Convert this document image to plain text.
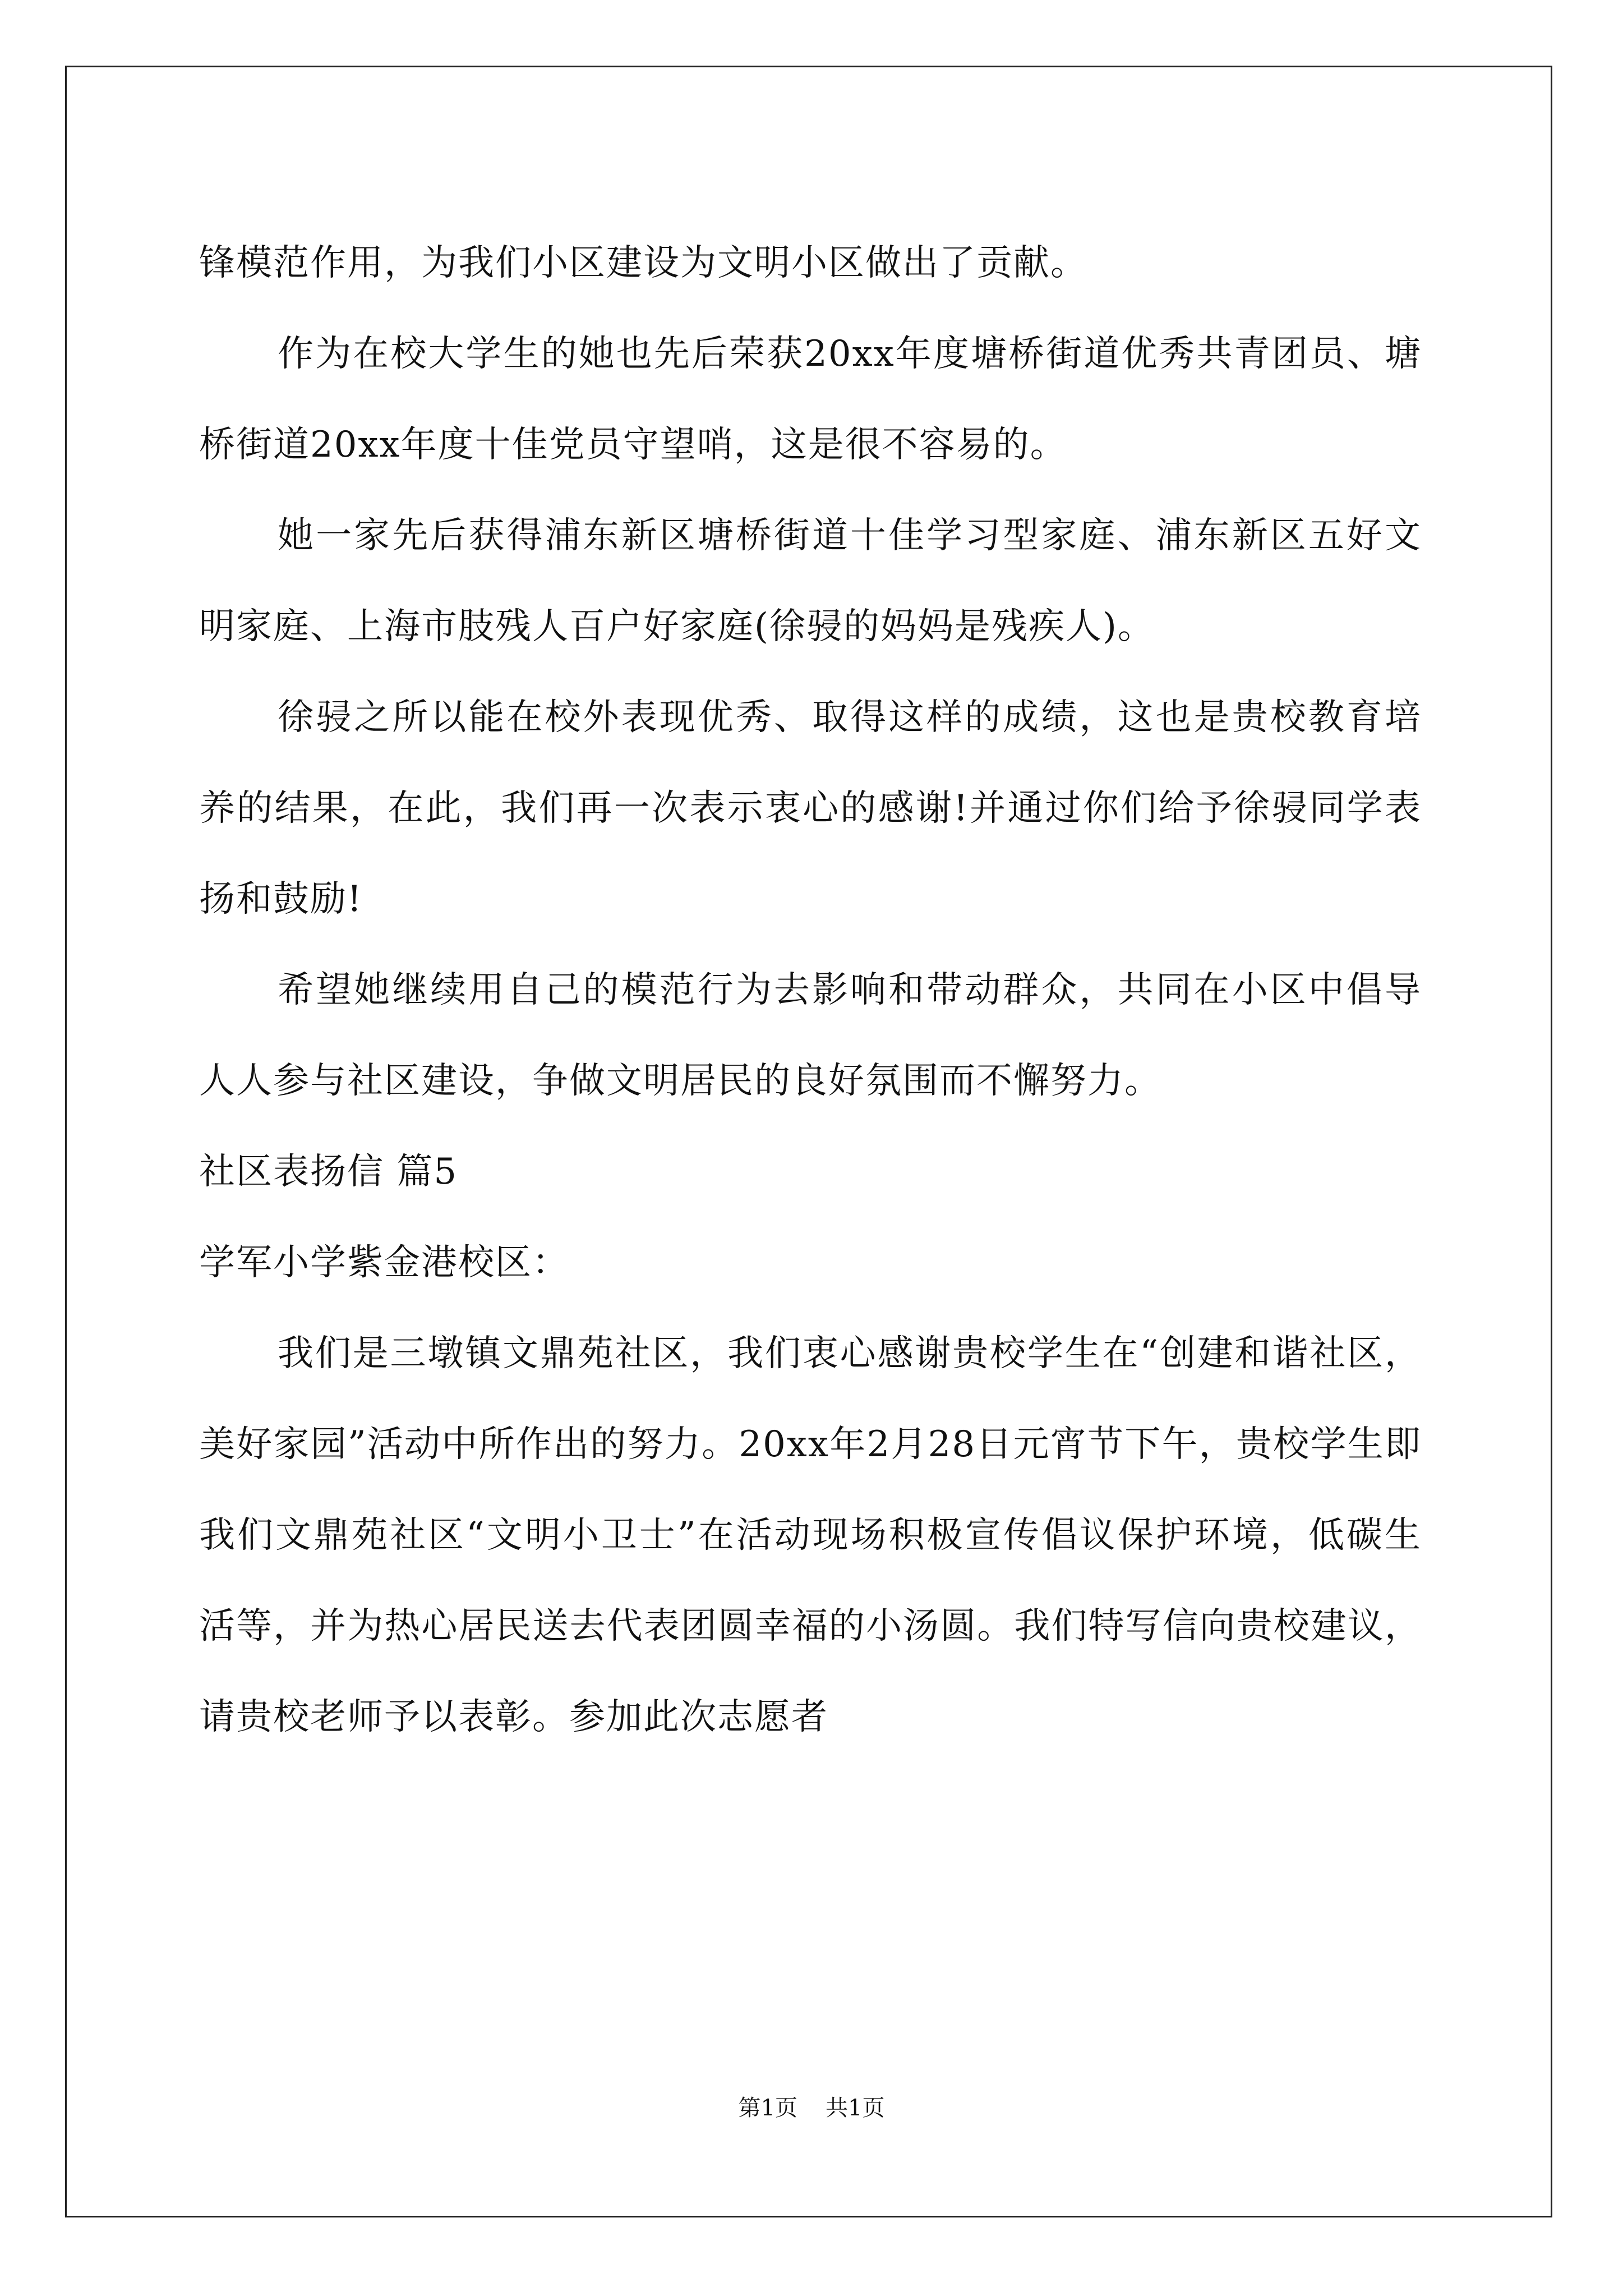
锋模范作用，为我们小区建设为文明小区做出了贡献。

作为在校大学生的她也先后荣获20xx年度塘桥街道优秀共青团员、塘桥街道20xx年度十佳党员守望哨，这是很不容易的。

她一家先后获得浦东新区塘桥街道十佳学习型家庭、浦东新区五好文明家庭、上海市肢残人百户好家庭(徐骎的妈妈是残疾人)。

徐骎之所以能在校外表现优秀、取得这样的成绩，这也是贵校教育培养的结果，在此，我们再一次表示衷心的感谢!并通过你们给予徐骎同学表扬和鼓励!

希望她继续用自己的模范行为去影响和带动群众，共同在小区中倡导人人参与社区建设，争做文明居民的良好氛围而不懈努力。

社区表扬信 篇5

学军小学紫金港校区：

我们是三墩镇文鼎苑社区，我们衷心感谢贵校学生在“创建和谐社区，美好家园”活动中所作出的努力。20xx年2月28日元宵节下午，贵校学生即我们文鼎苑社区“文明小卫士”在活动现场积极宣传倡议保护环境，低碳生活等，并为热心居民送去代表团圆幸福的小汤圆。我们特写信向贵校建议，请贵校老师予以表彰。参加此次志愿者

第1页 共1页
